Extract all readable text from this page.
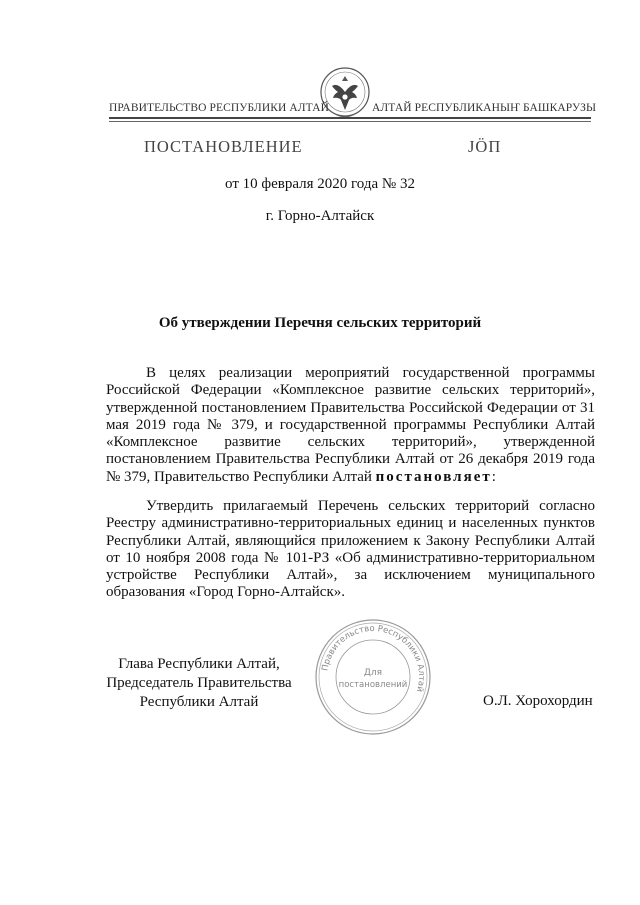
ПРАВИТЕЛЬСТВО РЕСПУБЛИКИ АЛТАЙ	АЛТАЙ РЕСПУБЛИКАНЫҤ БАШКАРУЗЫ
ПОСТАНОВЛЕНИЕ	ЈӦП
от 10 февраля 2020 года № 32
г. Горно-Алтайск
Об утверждении Перечня сельских территорий
В целях реализации мероприятий государственной программы Российской Федерации «Комплексное развитие сельских территорий», утвержденной постановлением Правительства Российской Федерации от 31 мая 2019 года № 379, и государственной программы Республики Алтай «Комплексное развитие сельских территорий», утвержденной постановлением Правительства Республики Алтай от 26 декабря 2019 года № 379, Правительство Республики Алтай постановляет:
Утвердить прилагаемый Перечень сельских территорий согласно Реестру административно-территориальных единиц и населенных пунктов Республики Алтай, являющийся приложением к Закону Республики Алтай от 10 ноября 2008 года № 101-РЗ «Об административно-территориальном устройстве Республики Алтай», за исключением муниципального образования «Город Горно-Алтайск».
Правительство Республики Алтай
Для
постановлений
Глава Республики Алтай,
Председатель Правительства
Республики Алтай	О.Л. Хорохордин
